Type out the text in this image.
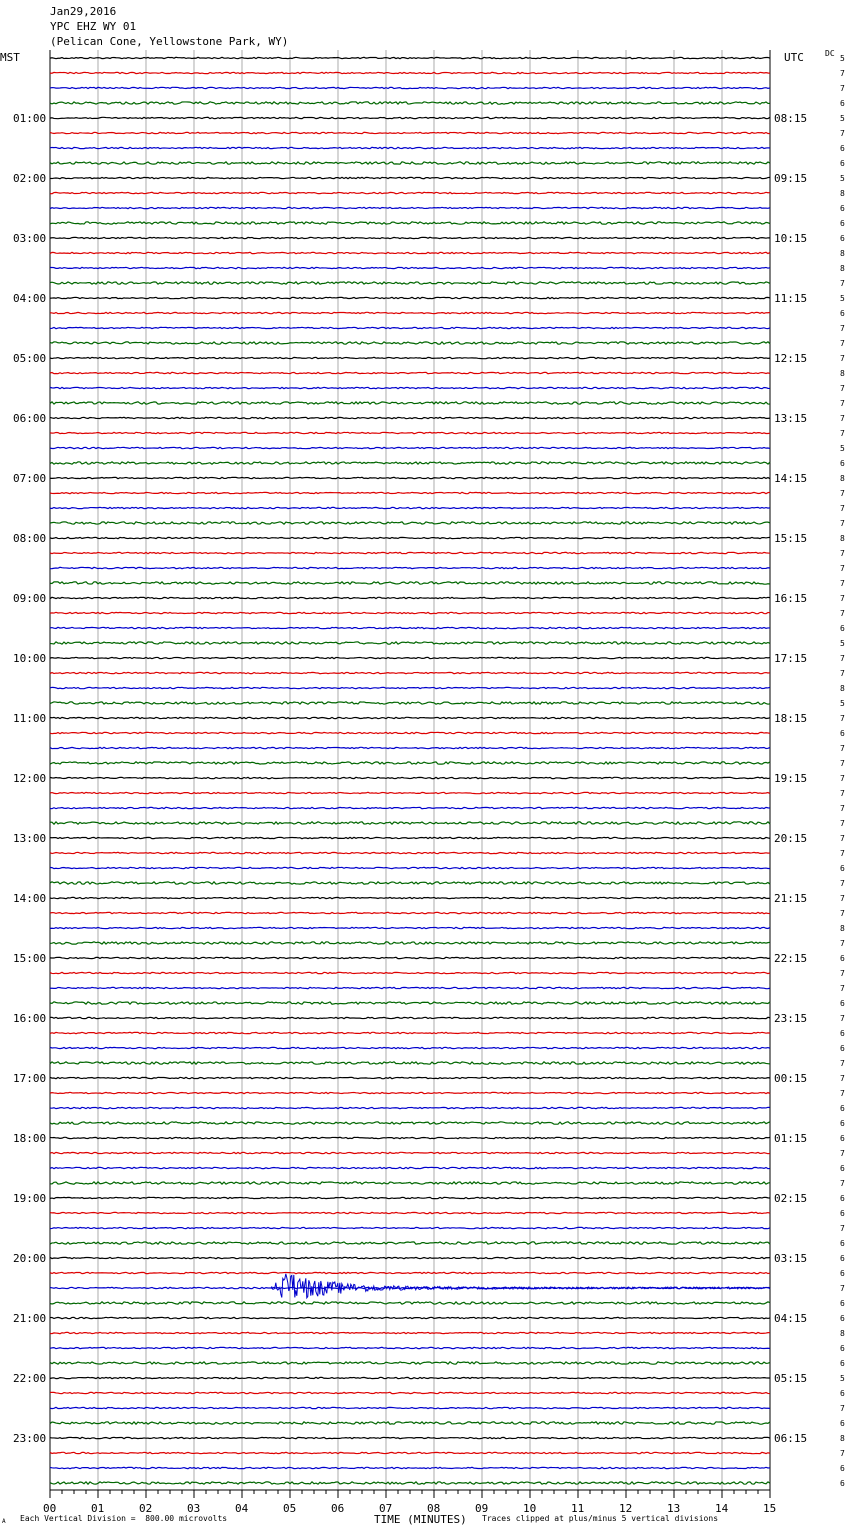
Jan29,2016
YPC EHZ WY 01
(Pelican Cone, Yellowstone Park, WY)
00	01	02	03	04	05	06	07	08	09	10	11	12	13	14	15
01:00
02:00
03:00
04:00
05:00
06:00
07:00
08:00
09:00
10:00
11:00
12:00
13:00
14:00
15:00
16:00
17:00
18:00
19:00
20:00
21:00
22:00
23:00
08:15
09:15
10:15
11:15
12:15
13:15
14:15
15:15
16:15
17:15
18:15
19:15
20:15
21:15
22:15
23:15
00:15
01:15
02:15
03:15
04:15
05:15
06:15
5
7
7
6
5
7
6
6
5
8
6
6
6
8
8
7
5
6
7
7
7
8
7
7
7
7
5
6
8
7
7
7
8
7
7
7
7
7
6
5
7
7
8
5
7
6
7
7
7
7
7
7
7
7
6
7
7
7
8
7
6
7
7
6
7
6
6
7
7
7
6
6
6
7
6
7
6
6
7
6
6
6
7
6
6
8
6
6
5
6
7
6
8
7
6
6
MST	UTC	DC
TIME (MINUTES)
A Each Vertical Division =  800.00 microvolts	Traces clipped at plus/minus 5 vertical divisions
